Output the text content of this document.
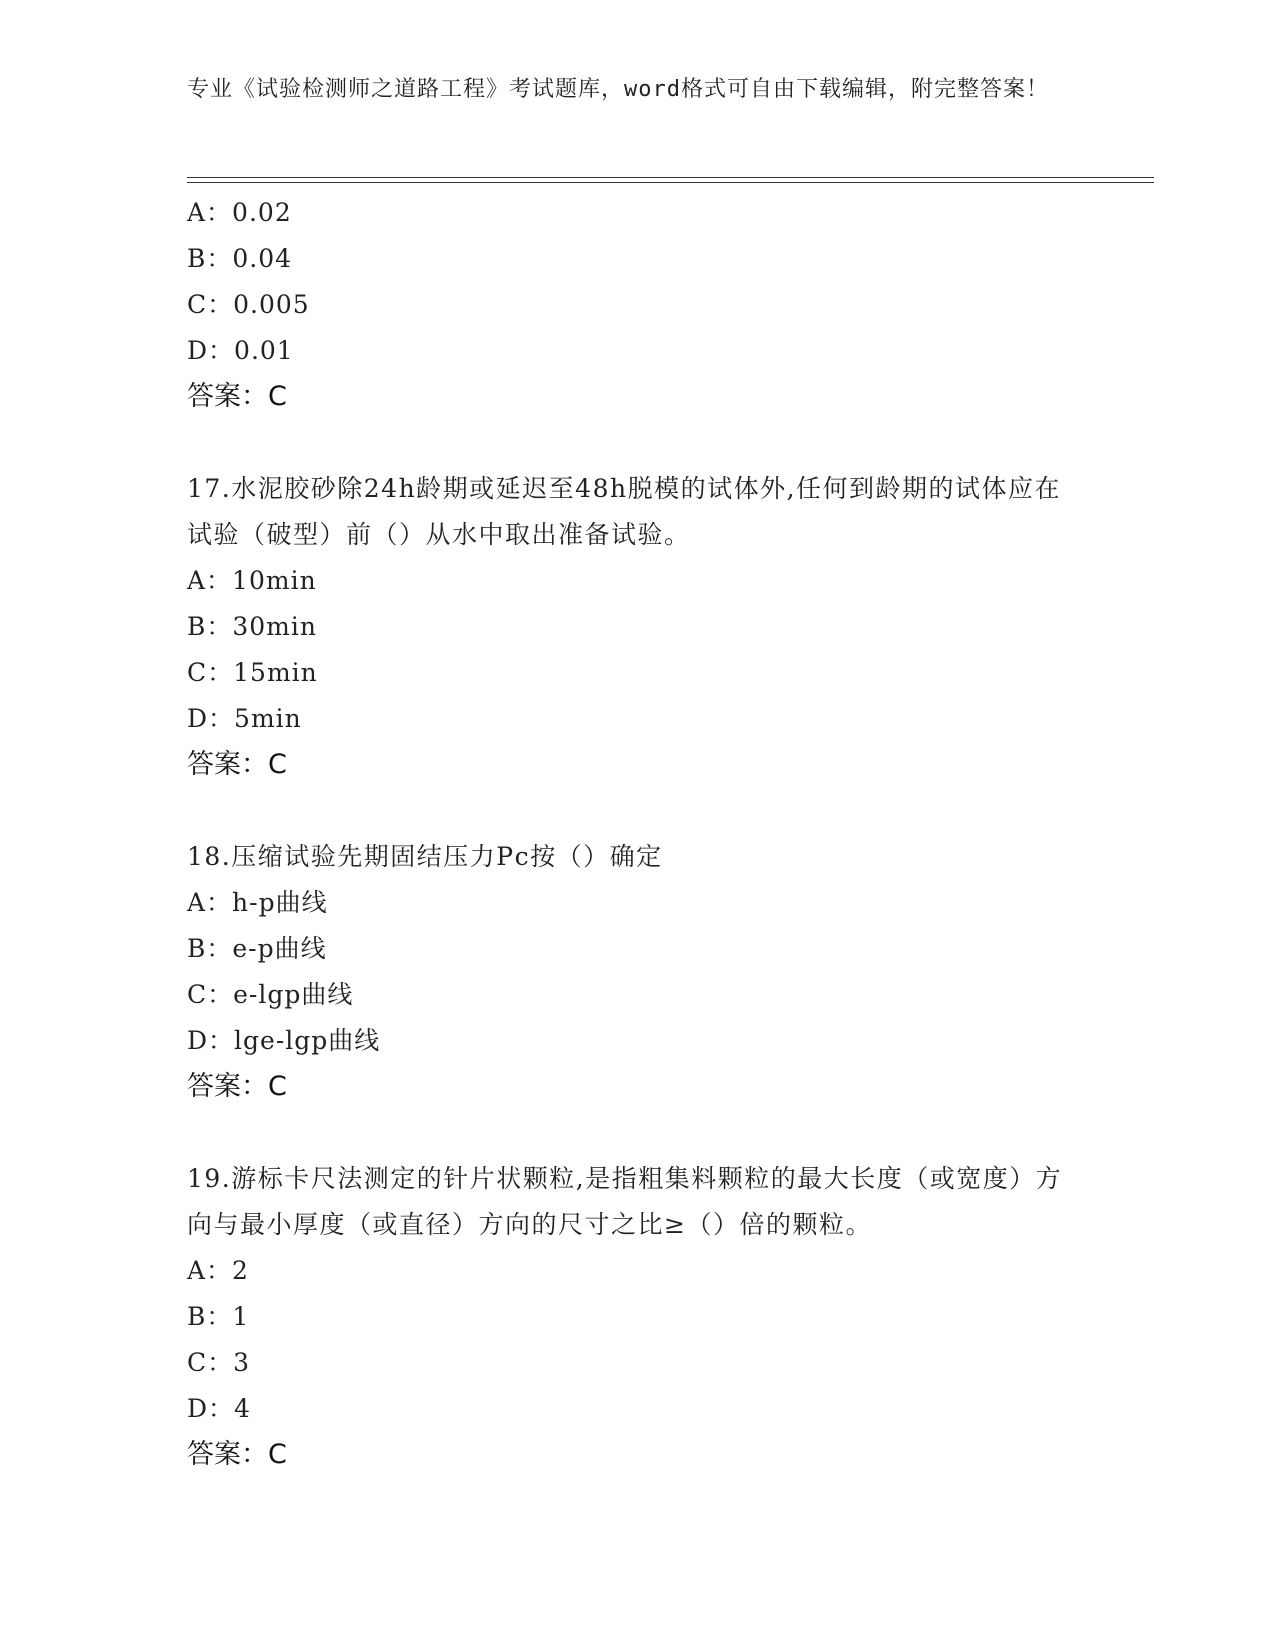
专业《试验检测师之道路工程》考试题库，word格式可自由下载编辑，附完整答案！
A：0.02
B：0.04
C：0.005
D：0.01
答案：C
17.水泥胶砂除24h龄期或延迟至48h脱模的试体外,任何到龄期的试体应在试验（破型）前（）从水中取出准备试验。
A：10min
B：30min
C：15min
D：5min
答案：C
18.压缩试验先期固结压力Pc按（）确定
A：h-p曲线
B：e-p曲线
C：e-lgp曲线
D：lge-lgp曲线
答案：C
19.游标卡尺法测定的针片状颗粒,是指粗集料颗粒的最大长度（或宽度）方向与最小厚度（或直径）方向的尺寸之比≥（）倍的颗粒。
A：2
B：1
C：3
D：4
答案：C
